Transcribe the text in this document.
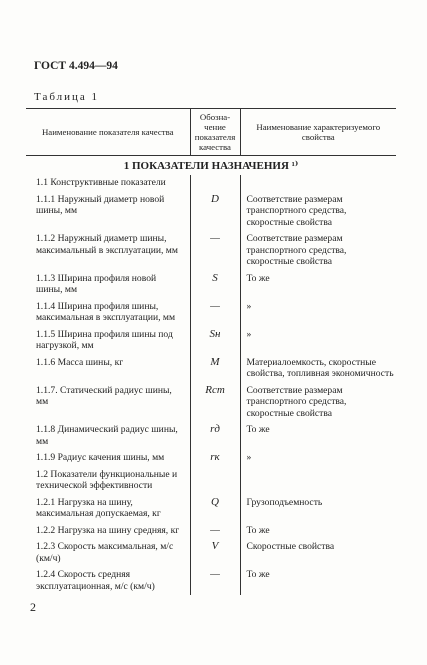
ГОСТ 4.494—94
Таблица 1
Наименование показателя качества	Обозна-чение показателя качества	Наименование характеризуемого свойства
1 ПОКАЗАТЕЛИ НАЗНАЧЕНИЯ ¹⁾		
1.1 Конструктивные показатели		
1.1.1 Наружный диаметр новой шины, мм	D	Соответствие размерам транспортного средства, скоростные свойства
1.1.2 Наружный диаметр шины, максимальный в эксплуатации, мм	—	Соответствие размерам транспортного средства, скоростные свойства
1.1.3 Ширина профиля новой шины, мм	S	То же
1.1.4 Ширина профиля шины, максимальная в эксплуатации, мм	—	»
1.1.5 Ширина профиля шины под нагрузкой, мм	Sн	»
1.1.6 Масса шины, кг	M	Материалоемкость, скоростные свойства, топливная экономичность
1.1.7. Статический радиус шины, мм	Rст	Соответствие размерам транспортного средства, скоростные свойства
1.1.8 Динамический радиус шины, мм	rд	То же
1.1.9 Радиус качения шины, мм	rк	»
1.2 Показатели функциональные и технической эффективности		
1.2.1 Нагрузка на шину, максимальная допускаемая, кг	Q	Грузоподъемность
1.2.2 Нагрузка на шину средняя, кг	—	То же
1.2.3 Скорость максимальная, м/с (км/ч)	V	Скоростные свойства
1.2.4 Скорость средняя эксплуатационная, м/с (км/ч)	—	То же
2
